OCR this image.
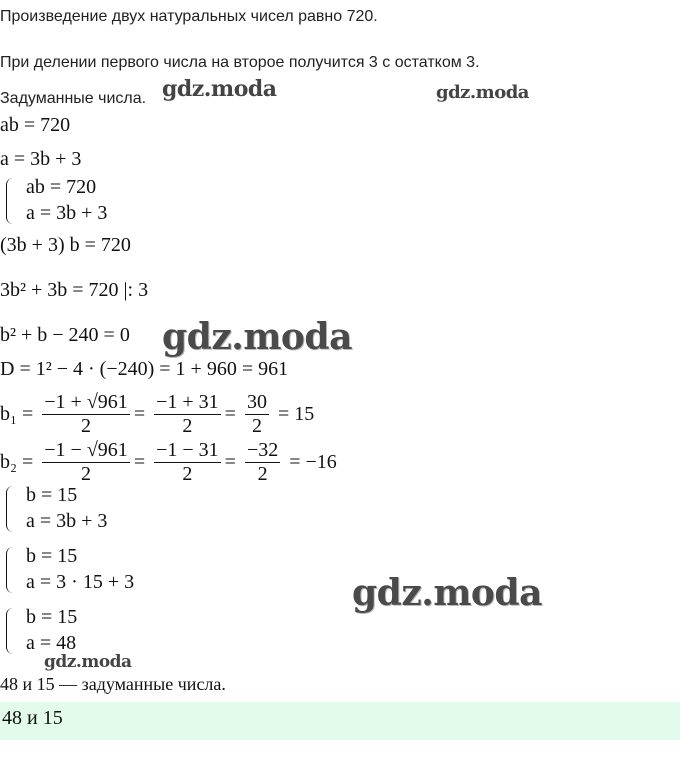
Произведение двух натуральных чисел равно 720.
При делении первого числа на второе получится 3 с остатком 3.
Задуманные числа.
ab = 720
a = 3b + 3
ab = 720
a = 3b + 3
(3b + 3) b = 720
3b² + 3b = 720 |: 3
b² + b − 240 = 0
D = 1² − 4 · (−240) = 1 + 960 = 961
$b_1 = \frac{-1 + √961}{2} = \frac{-1 + 31}{2} = \frac{30}{2} = 15$
$b_2 = \frac{-1 - √961}{2} = \frac{-1 - 31}{2} = \frac{-32}{2} = -16$
b = 15
a = 3b + 3
b = 15
a = 3 · 15 + 3
b = 15
a = 48
48 и 15 — задуманные числа.
48 и 15
gdz.moda	gdz.moda
gdz.moda
gdz.moda
gdz.moda
